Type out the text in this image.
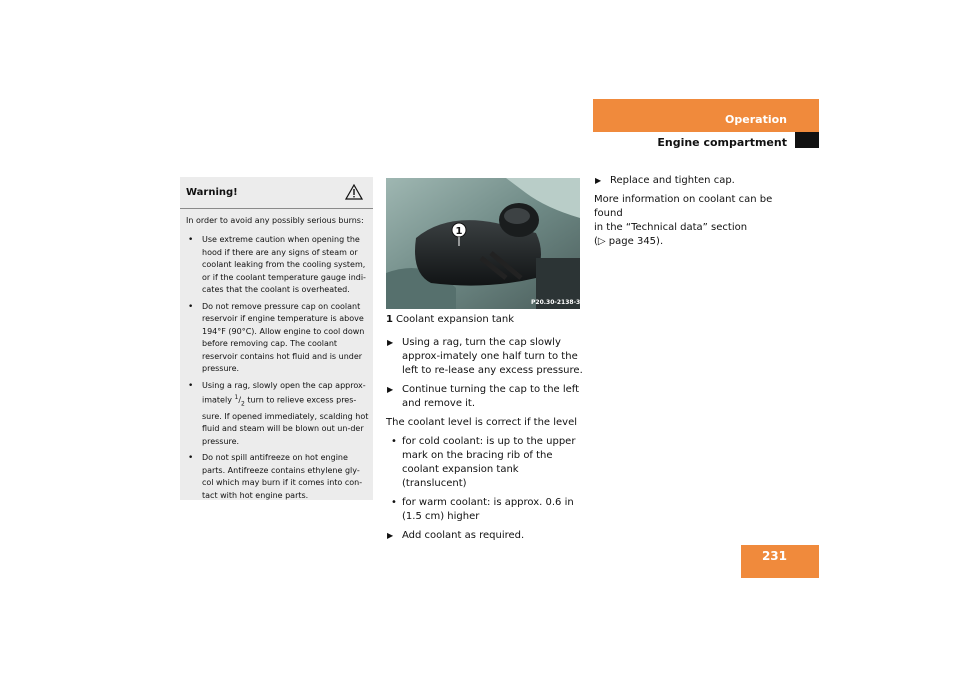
Operation
Engine compartment
Warning!
In order to avoid any possibly serious burns:
• Use extreme caution when opening the hood if there are any signs of steam or coolant leaking from the cooling system, or if the coolant temperature gauge indi-cates that the coolant is overheated.
• Do not remove pressure cap on coolant reservoir if engine temperature is above 194°F (90°C). Allow engine to cool down before removing cap. The coolant reservoir contains hot fluid and is under pressure.
• Using a rag, slowly open the cap approx-imately $^1/_2$ turn to relieve excess pres-sure. If opened immediately, scalding hot fluid and steam will be blown out un-der pressure.
• Do not spill antifreeze on hot engine parts. Antifreeze contains ethylene gly-col which may burn if it comes into con-tact with hot engine parts.
1
P20.30-2138-31
1 Coolant expansion tank
▶ Using a rag, turn the cap slowly approx-imately one half turn to the left to re-lease any excess pressure.
▶ Continue turning the cap to the left and remove it.
The coolant level is correct if the level
• for cold coolant: is up to the upper mark on the bracing rib of the coolant expansion tank (translucent)
• for warm coolant: is approx. 0.6 in (1.5 cm) higher
▶ Add coolant as required.
▶ Replace and tighten cap.
More information on coolant can be found
in the “Technical data” section
(▷ page 345).
231
